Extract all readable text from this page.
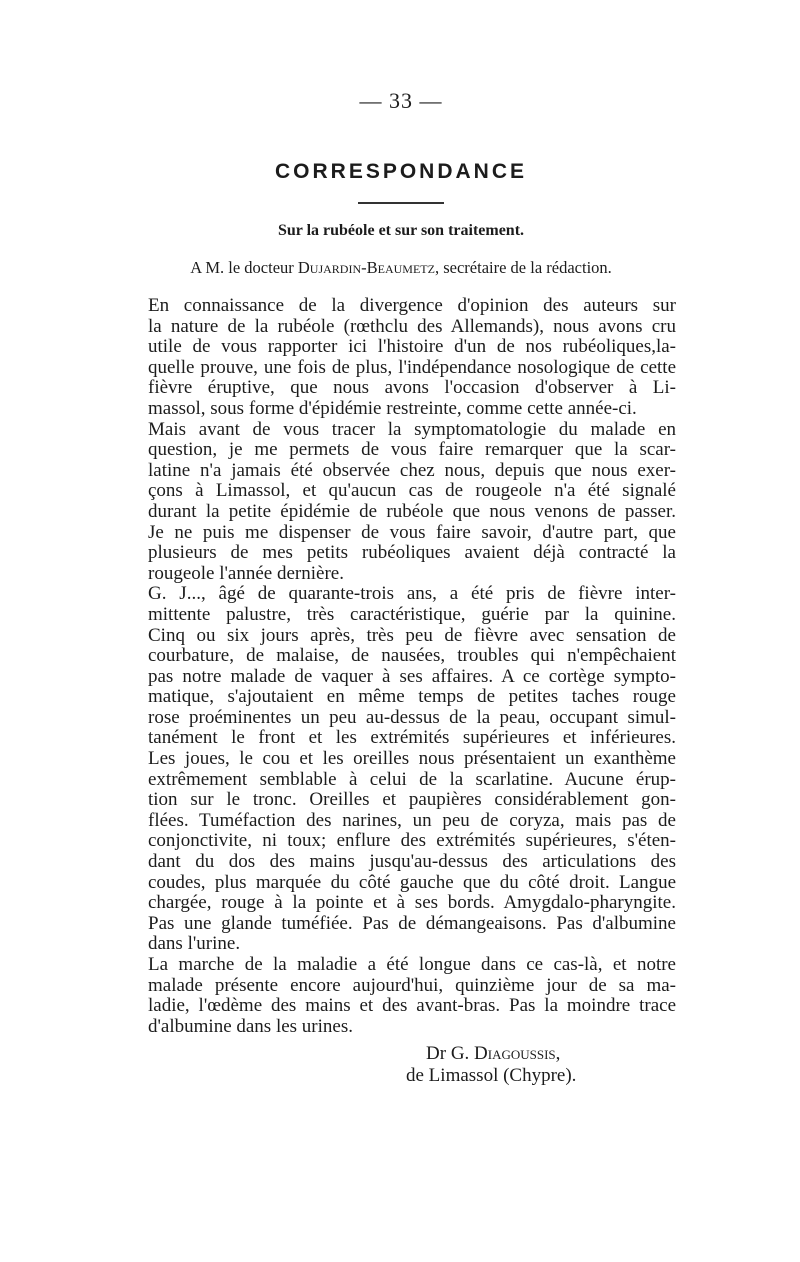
— 33 —

CORRESPONDANCE
Sur la rubéole et sur son traitement.

A M. le docteur Dujardin-Beaumetz, secrétaire de la rédaction.

En connaissance de la divergence d'opinion des auteurs sur
la nature de la rubéole (rœthclu des Allemands), nous avons cru
utile de vous rapporter ici l'histoire d'un de nos rubéoliques,la-
quelle prouve, une fois de plus, l'indépendance nosologique de cette
fièvre éruptive, que nous avons l'occasion d'observer à Li-
massol, sous forme d'épidémie restreinte, comme cette année-ci.

Mais avant de vous tracer la symptomatologie du malade en
question, je me permets de vous faire remarquer que la scar-
latine n'a jamais été observée chez nous, depuis que nous exer-
çons à Limassol, et qu'aucun cas de rougeole n'a été signalé
durant la petite épidémie de rubéole que nous venons de passer.
Je ne puis me dispenser de vous faire savoir, d'autre part, que
plusieurs de mes petits rubéoliques avaient déjà contracté la
rougeole l'année dernière.

G. J..., âgé de quarante-trois ans, a été pris de fièvre inter-
mittente palustre, très caractéristique, guérie par la quinine.
Cinq ou six jours après, très peu de fièvre avec sensation de
courbature, de malaise, de nausées, troubles qui n'empêchaient
pas notre malade de vaquer à ses affaires. A ce cortège sympto-
matique, s'ajoutaient en même temps de petites taches rouge
rose proéminentes un peu au-dessus de la peau, occupant simul-
tanément le front et les extrémités supérieures et inférieures.
Les joues, le cou et les oreilles nous présentaient un exanthème
extrêmement semblable à celui de la scarlatine. Aucune érup-
tion sur le tronc. Oreilles et paupières considérablement gon-
flées. Tuméfaction des narines, un peu de coryza, mais pas de
conjonctivite, ni toux; enflure des extrémités supérieures, s'éten-
dant du dos des mains jusqu'au-dessus des articulations des
coudes, plus marquée du côté gauche que du côté droit. Langue
chargée, rouge à la pointe et à ses bords. Amygdalo-pharyngite.
Pas une glande tuméfiée. Pas de démangeaisons. Pas d'albumine
dans l'urine.

La marche de la maladie a été longue dans ce cas-là, et notre
malade présente encore aujourd'hui, quinzième jour de sa ma-
ladie, l'œdème des mains et des avant-bras. Pas la moindre trace
d'albumine dans les urines.

Dr G. Diagoussis,
de Limassol (Chypre).
